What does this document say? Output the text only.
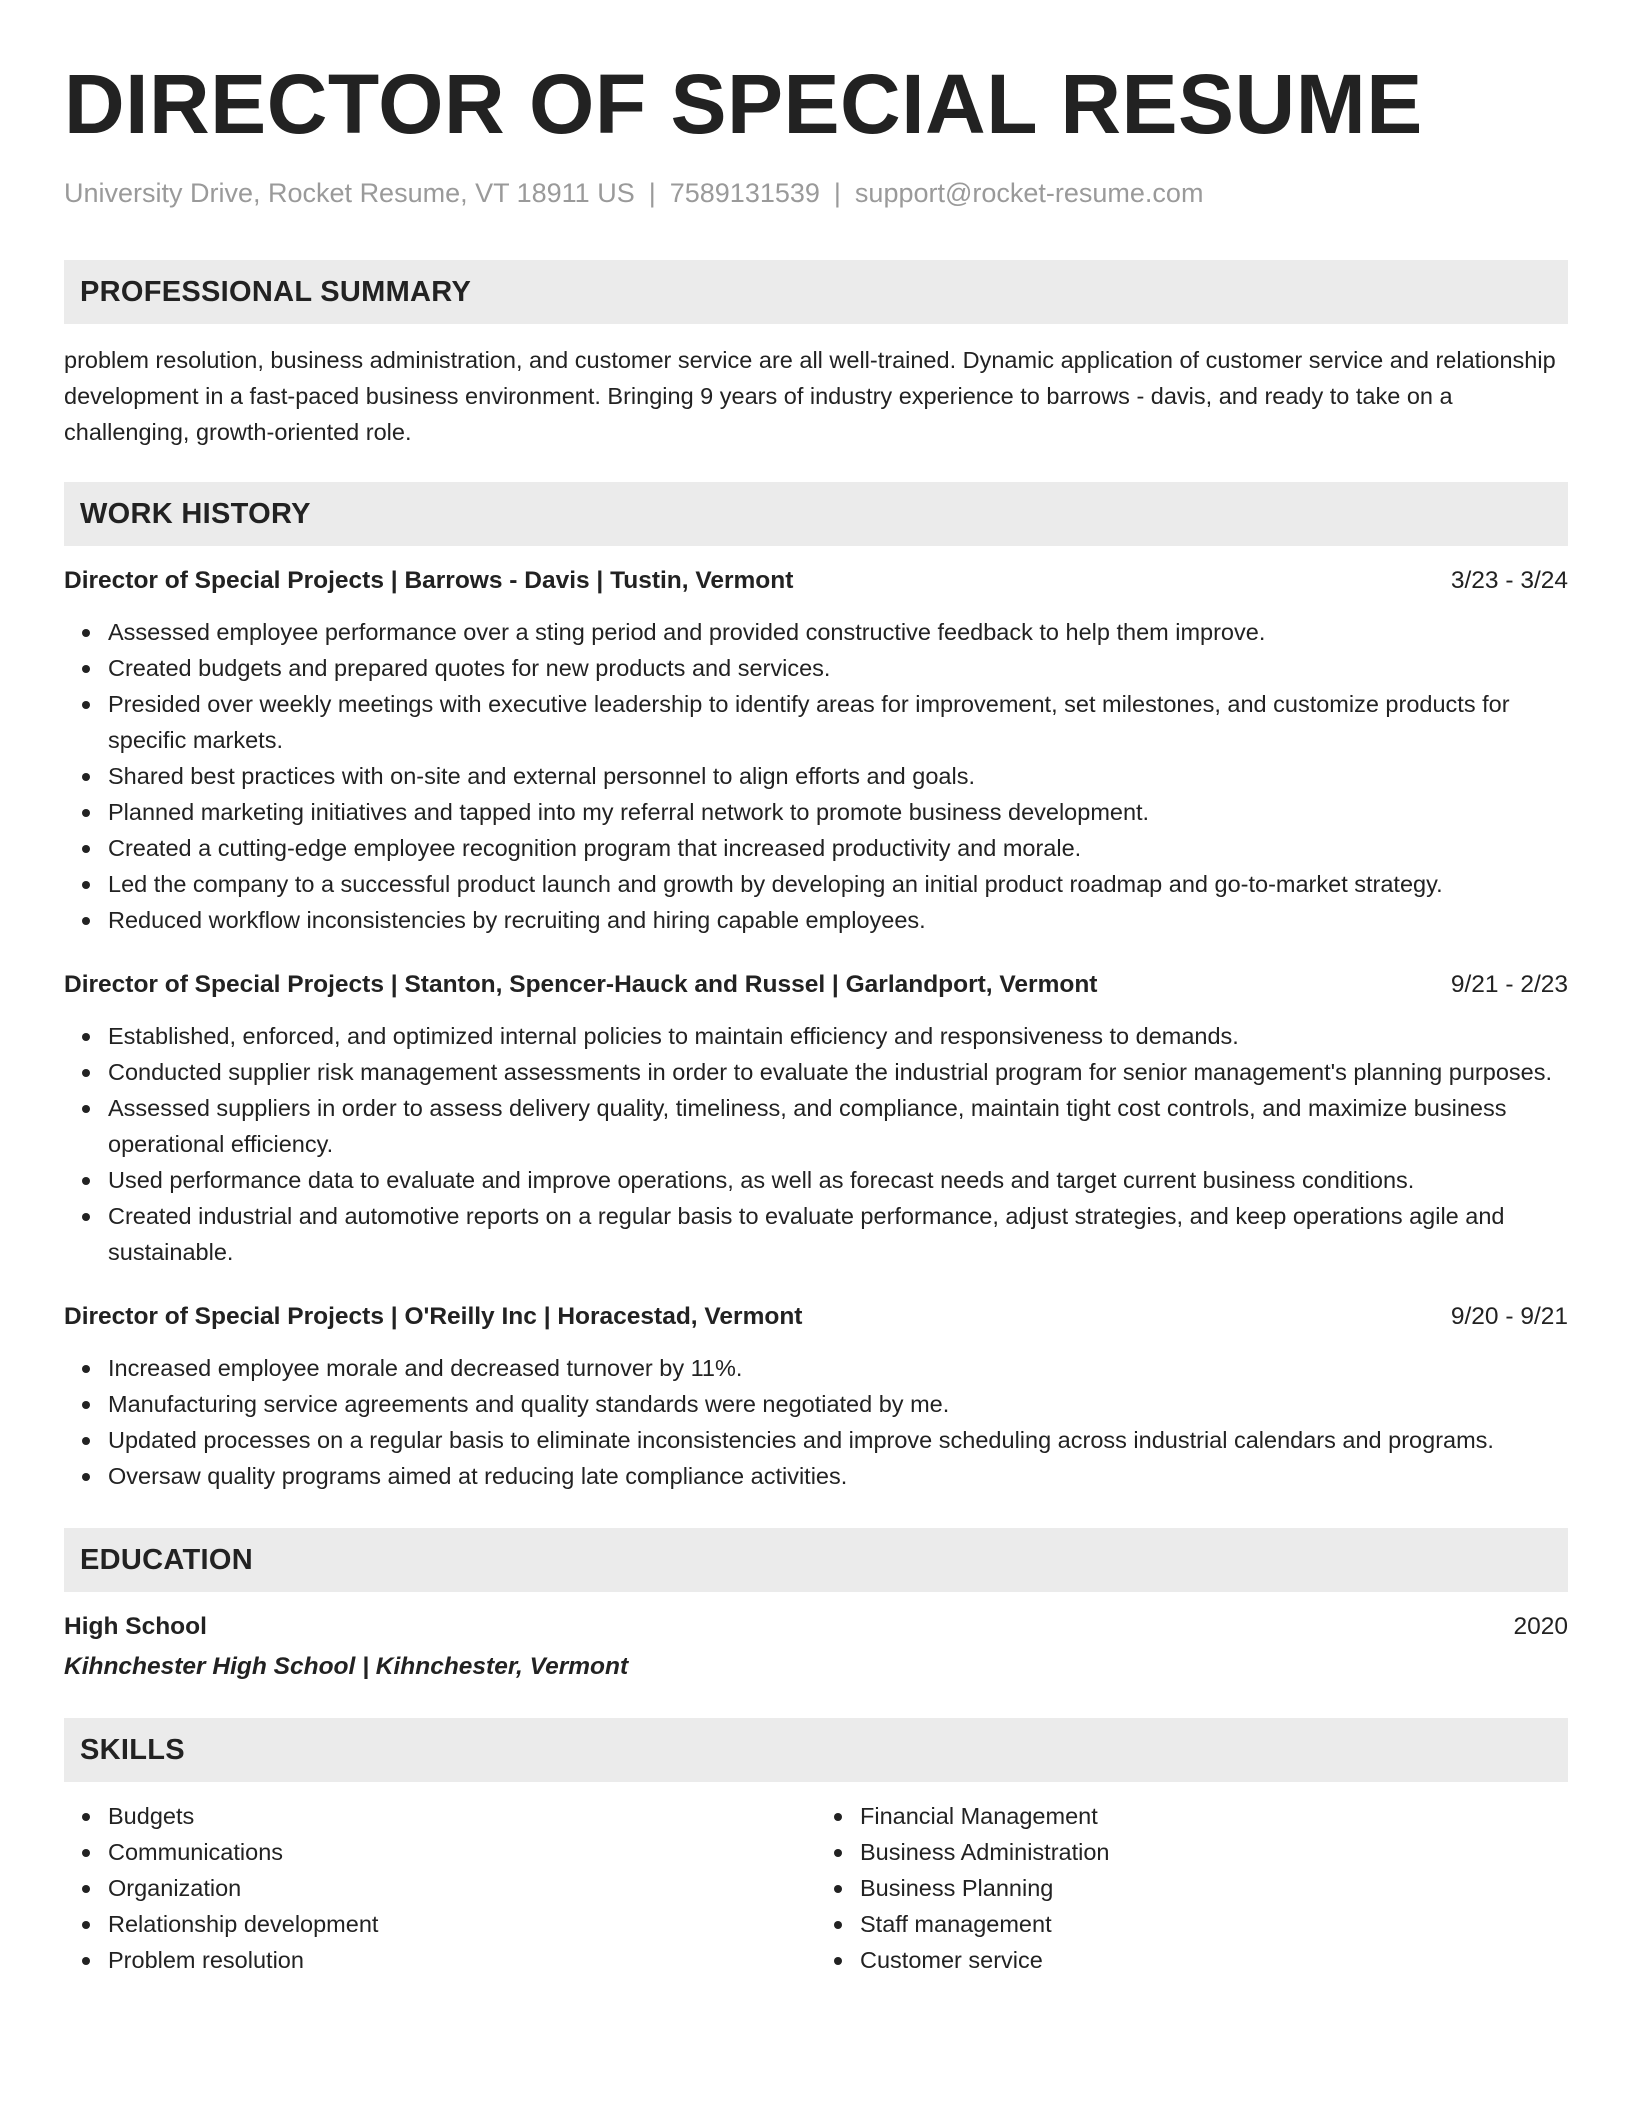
DIRECTOR OF SPECIAL RESUME
University Drive, Rocket Resume, VT 18911 US | 7589131539 | support@rocket-resume.com
PROFESSIONAL SUMMARY
problem resolution, business administration, and customer service are all well-trained. Dynamic application of customer service and relationship development in a fast-paced business environment. Bringing 9 years of industry experience to barrows - davis, and ready to take on a challenging, growth-oriented role.
WORK HISTORY
Director of Special Projects | Barrows - Davis | Tustin, Vermont	3/23 - 3/24
Assessed employee performance over a sting period and provided constructive feedback to help them improve.
Created budgets and prepared quotes for new products and services.
Presided over weekly meetings with executive leadership to identify areas for improvement, set milestones, and customize products for specific markets.
Shared best practices with on-site and external personnel to align efforts and goals.
Planned marketing initiatives and tapped into my referral network to promote business development.
Created a cutting-edge employee recognition program that increased productivity and morale.
Led the company to a successful product launch and growth by developing an initial product roadmap and go-to-market strategy.
Reduced workflow inconsistencies by recruiting and hiring capable employees.
Director of Special Projects | Stanton, Spencer-Hauck and Russel | Garlandport, Vermont	9/21 - 2/23
Established, enforced, and optimized internal policies to maintain efficiency and responsiveness to demands.
Conducted supplier risk management assessments in order to evaluate the industrial program for senior management's planning purposes.
Assessed suppliers in order to assess delivery quality, timeliness, and compliance, maintain tight cost controls, and maximize business operational efficiency.
Used performance data to evaluate and improve operations, as well as forecast needs and target current business conditions.
Created industrial and automotive reports on a regular basis to evaluate performance, adjust strategies, and keep operations agile and sustainable.
Director of Special Projects | O'Reilly Inc | Horacestad, Vermont	9/20 - 9/21
Increased employee morale and decreased turnover by 11%.
Manufacturing service agreements and quality standards were negotiated by me.
Updated processes on a regular basis to eliminate inconsistencies and improve scheduling across industrial calendars and programs.
Oversaw quality programs aimed at reducing late compliance activities.
EDUCATION
High School	2020
Kihnchester High School | Kihnchester, Vermont
SKILLS
Budgets
Communications
Organization
Relationship development
Problem resolution
Financial Management
Business Administration
Business Planning
Staff management
Customer service
